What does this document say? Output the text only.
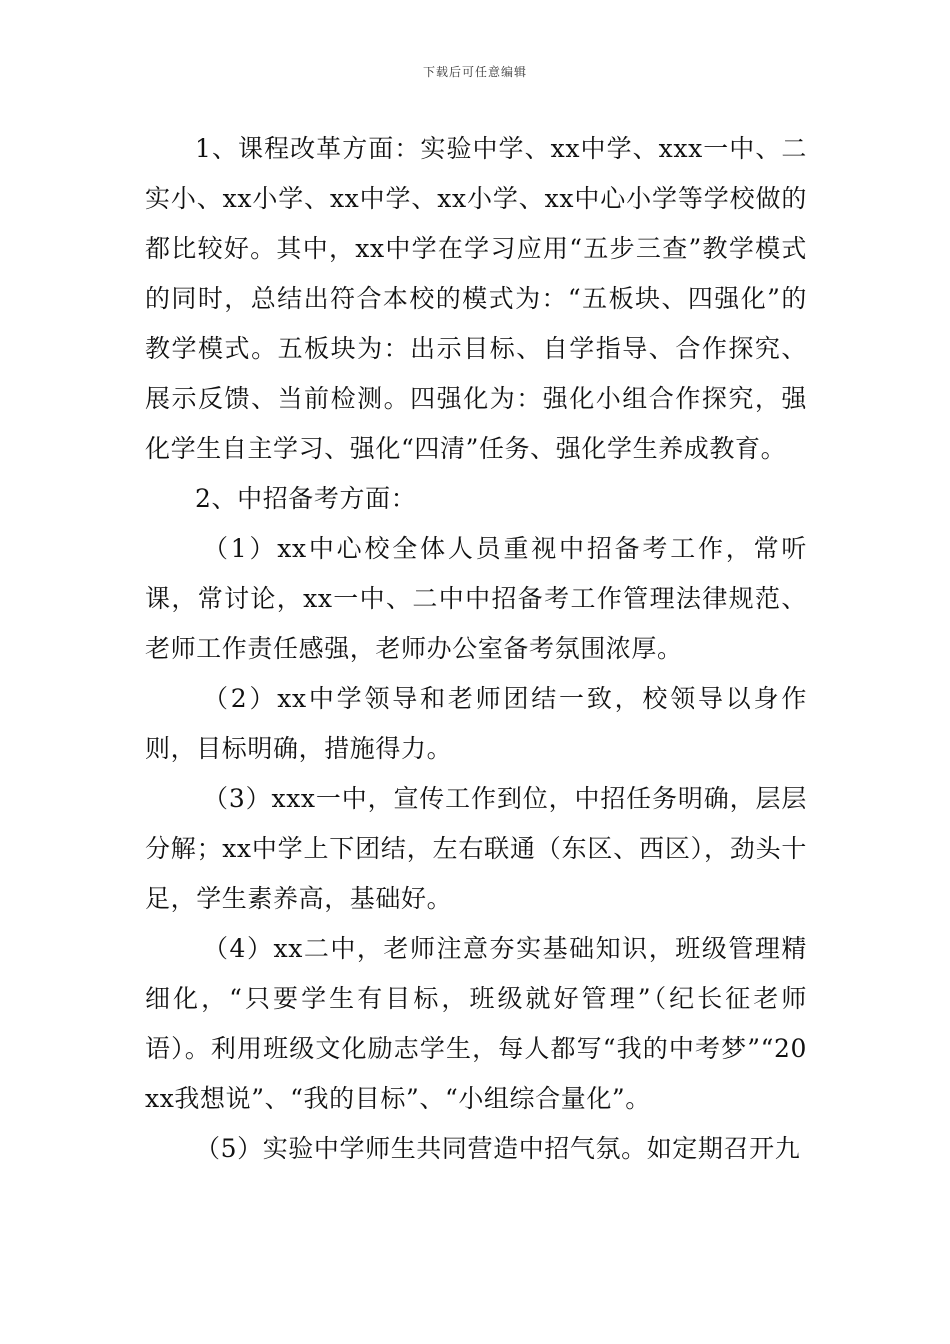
下载后可任意编辑

1、课程改革方面：实验中学、xx中学、xxx一中、二实小、xx小学、xx中学、xx小学、xx中心小学等学校做的都比较好。其中，xx中学在学习应用“五步三查”教学模式的同时，总结出符合本校的模式为：“五板块、四强化”的教学模式。五板块为：出示目标、自学指导、合作探究、展示反馈、当前检测。四强化为：强化小组合作探究，强化学生自主学习、强化“四清”任务、强化学生养成教育。

2、中招备考方面：

（1）xx中心校全体人员重视中招备考工作，常听课，常讨论，xx一中、二中中招备考工作管理法律规范、老师工作责任感强，老师办公室备考氛围浓厚。

（2）xx中学领导和老师团结一致，校领导以身作则，目标明确，措施得力。

（3）xxx一中，宣传工作到位，中招任务明确，层层分解；xx中学上下团结，左右联通（东区、西区），劲头十足，学生素养高，基础好。

（4）xx二中，老师注意夯实基础知识，班级管理精细化，“只要学生有目标，班级就好管理”（纪长征老师语）。利用班级文化励志学生，每人都写“我的中考梦”“20xx我想说”、“我的目标”、“小组综合量化”。

（5）实验中学师生共同营造中招气氛。如定期召开九
